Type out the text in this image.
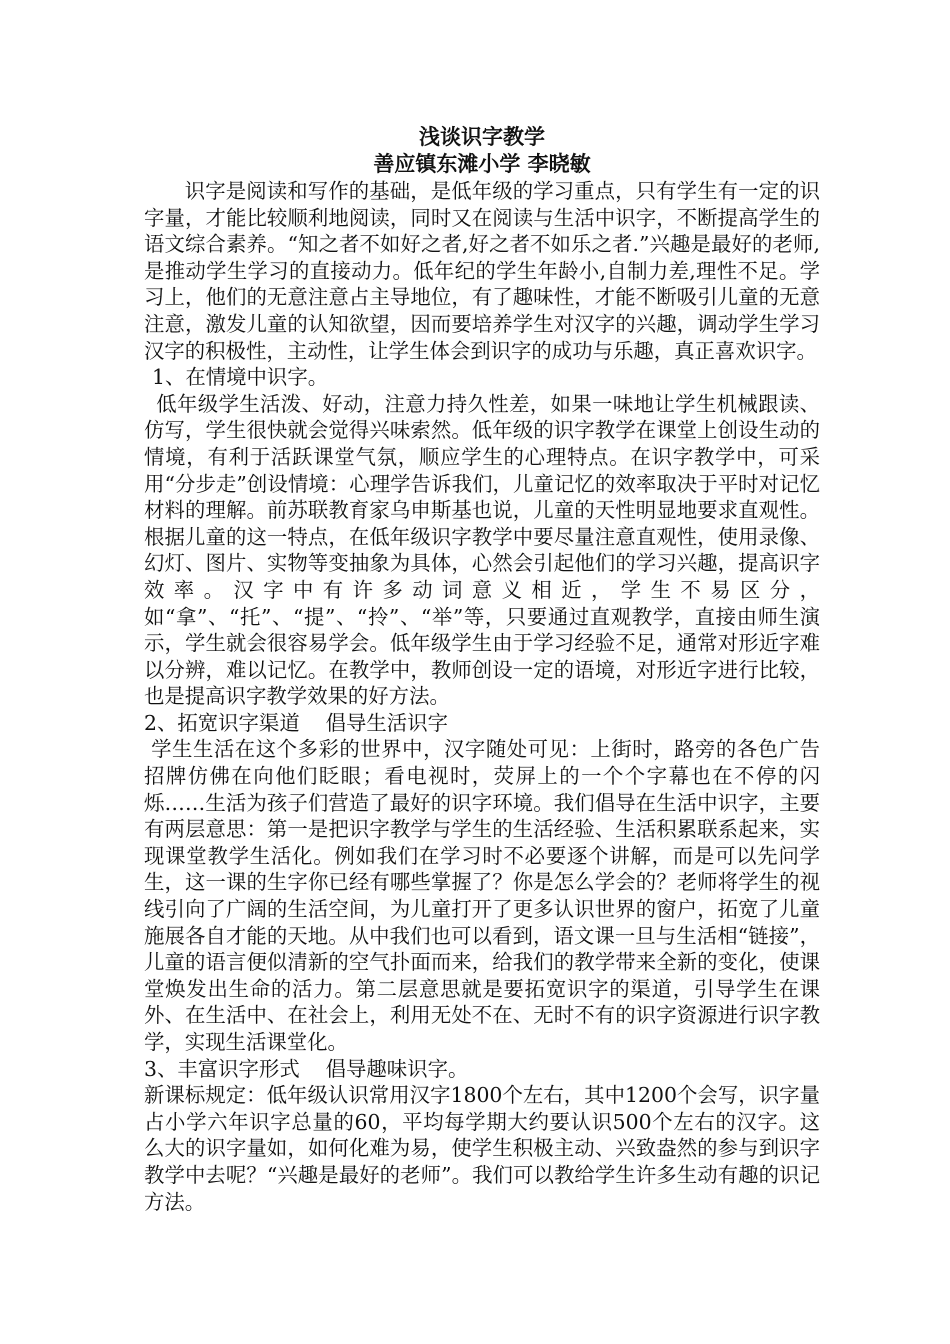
浅谈识字教学
善应镇东滩小学 李晓敏

识字是阅读和写作的基础，是低年级的学习重点，只有学生有一定的识字量，才能比较顺利地阅读，同时又在阅读与生活中识字，不断提高学生的语文综合素养。“知之者不如好之者,好之者不如乐之者.”兴趣是最好的老师,是推动学生学习的直接动力。低年纪的学生年龄小,自制力差,理性不足。学习上，他们的无意注意占主导地位，有了趣味性，才能不断吸引儿童的无意注意，激发儿童的认知欲望，因而要培养学生对汉字的兴趣，调动学生学习汉字的积极性，主动性，让学生体会到识字的成功与乐趣，真正喜欢识字。

1、在情境中识字。

低年级学生活泼、好动，注意力持久性差，如果一味地让学生机械跟读、仿写，学生很快就会觉得兴味索然。低年级的识字教学在课堂上创设生动的情境，有利于活跃课堂气氛，顺应学生的心理特点。在识字教学中，可采用“分步走”创设情境：心理学告诉我们，儿童记忆的效率取决于平时对记忆材料的理解。前苏联教育家乌申斯基也说，儿童的天性明显地要求直观性。根据儿童的这一特点，在低年级识字教学中要尽量注意直观性，使用录像、幻灯、图片、实物等变抽象为具体，心然会引起他们的学习兴趣，提高识字效率。汉字中有许多动词意义相近，学生不易区分，如“拿”、“托”、“提”、“拎”、“举”等，只要通过直观教学，直接由师生演示，学生就会很容易学会。低年级学生由于学习经验不足，通常对形近字难以分辨，难以记忆。在教学中，教师创设一定的语境，对形近字进行比较，也是提高识字教学效果的好方法。

2、拓宽识字渠道    倡导生活识字

学生生活在这个多彩的世界中，汉字随处可见：上街时，路旁的各色广告招牌仿佛在向他们眨眼；看电视时，荧屏上的一个个字幕也在不停的闪烁……生活为孩子们营造了最好的识字环境。我们倡导在生活中识字，主要有两层意思：第一是把识字教学与学生的生活经验、生活积累联系起来，实现课堂教学生活化。例如我们在学习时不必要逐个讲解，而是可以先问学生，这一课的生字你已经有哪些掌握了？你是怎么学会的？老师将学生的视线引向了广阔的生活空间，为儿童打开了更多认识世界的窗户，拓宽了儿童施展各自才能的天地。从中我们也可以看到，语文课一旦与生活相“链接”，儿童的语言便似清新的空气扑面而来，给我们的教学带来全新的变化，使课堂焕发出生命的活力。第二层意思就是要拓宽识字的渠道，引导学生在课外、在生活中、在社会上，利用无处不在、无时不有的识字资源进行识字教学，实现生活课堂化。

3、丰富识字形式    倡导趣味识字。

新课标规定：低年级认识常用汉字1800个左右，其中1200个会写，识字量占小学六年识字总量的60，平均每学期大约要认识500个左右的汉字。这么大的识字量如，如何化难为易，使学生积极主动、兴致盎然的参与到识字教学中去呢？“兴趣是最好的老师”。我们可以教给学生许多生动有趣的识记方法。
